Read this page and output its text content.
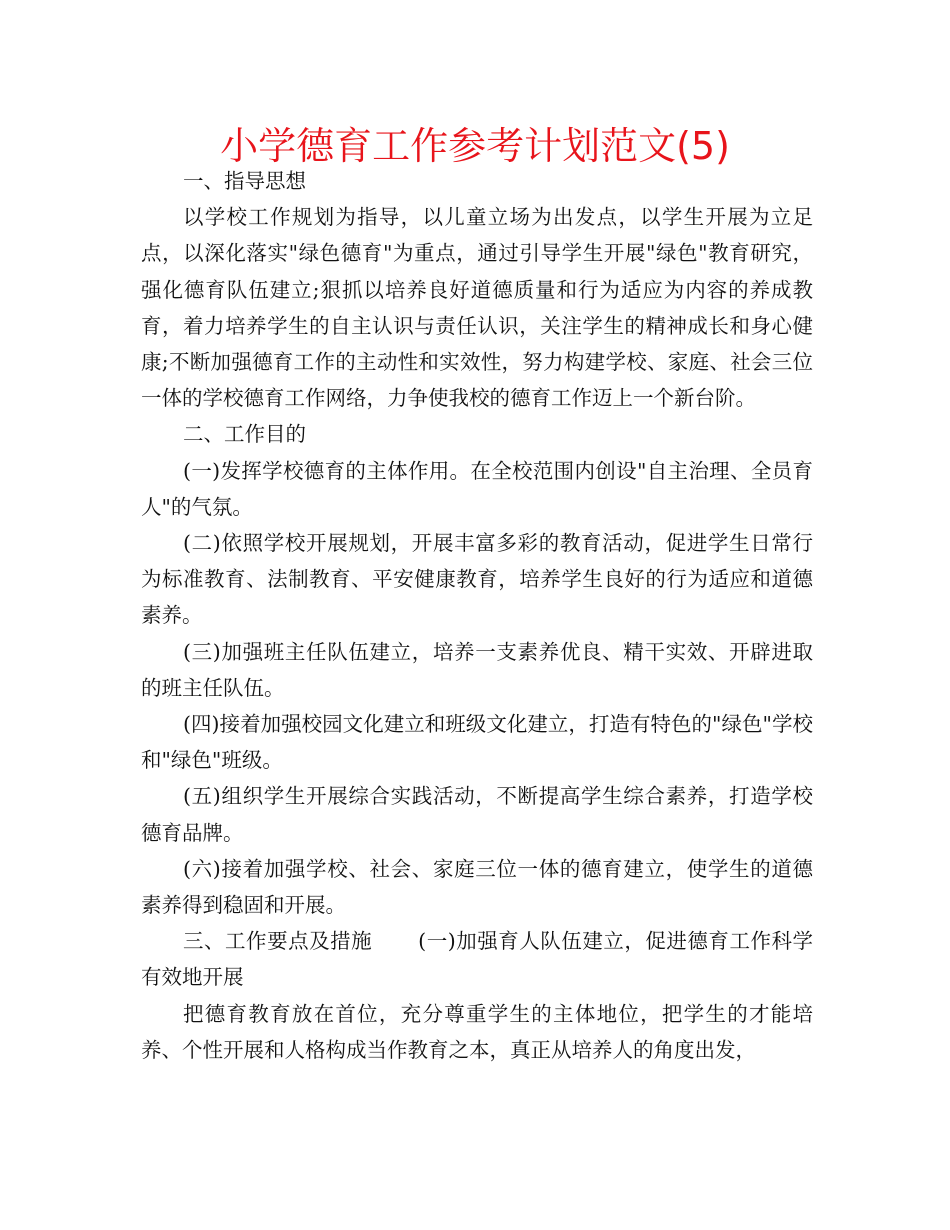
小学德育工作参考计划范文(5)

一、指导思想

以学校工作规划为指导，以儿童立场为出发点，以学生开展为立足点，以深化落实"绿色德育"为重点，通过引导学生开展"绿色"教育研究，强化德育队伍建立;狠抓以培养良好道德质量和行为适应为内容的养成教育，着力培养学生的自主认识与责任认识，关注学生的精神成长和身心健康;不断加强德育工作的主动性和实效性，努力构建学校、家庭、社会三位一体的学校德育工作网络，力争使我校的德育工作迈上一个新台阶。

二、工作目的

(一)发挥学校德育的主体作用。在全校范围内创设"自主治理、全员育人"的气氛。

(二)依照学校开展规划，开展丰富多彩的教育活动，促进学生日常行为标准教育、法制教育、平安健康教育，培养学生良好的行为适应和道德素养。

(三)加强班主任队伍建立，培养一支素养优良、精干实效、开辟进取的班主任队伍。

(四)接着加强校园文化建立和班级文化建立，打造有特色的"绿色"学校和"绿色"班级。

(五)组织学生开展综合实践活动，不断提高学生综合素养，打造学校德育品牌。

(六)接着加强学校、社会、家庭三位一体的德育建立，使学生的道德素养得到稳固和开展。

三、工作要点及措施 (一)加强育人队伍建立，促进德育工作科学有效地开展

把德育教育放在首位，充分尊重学生的主体地位，把学生的才能培养、个性开展和人格构成当作教育之本，真正从培养人的角度出发，
